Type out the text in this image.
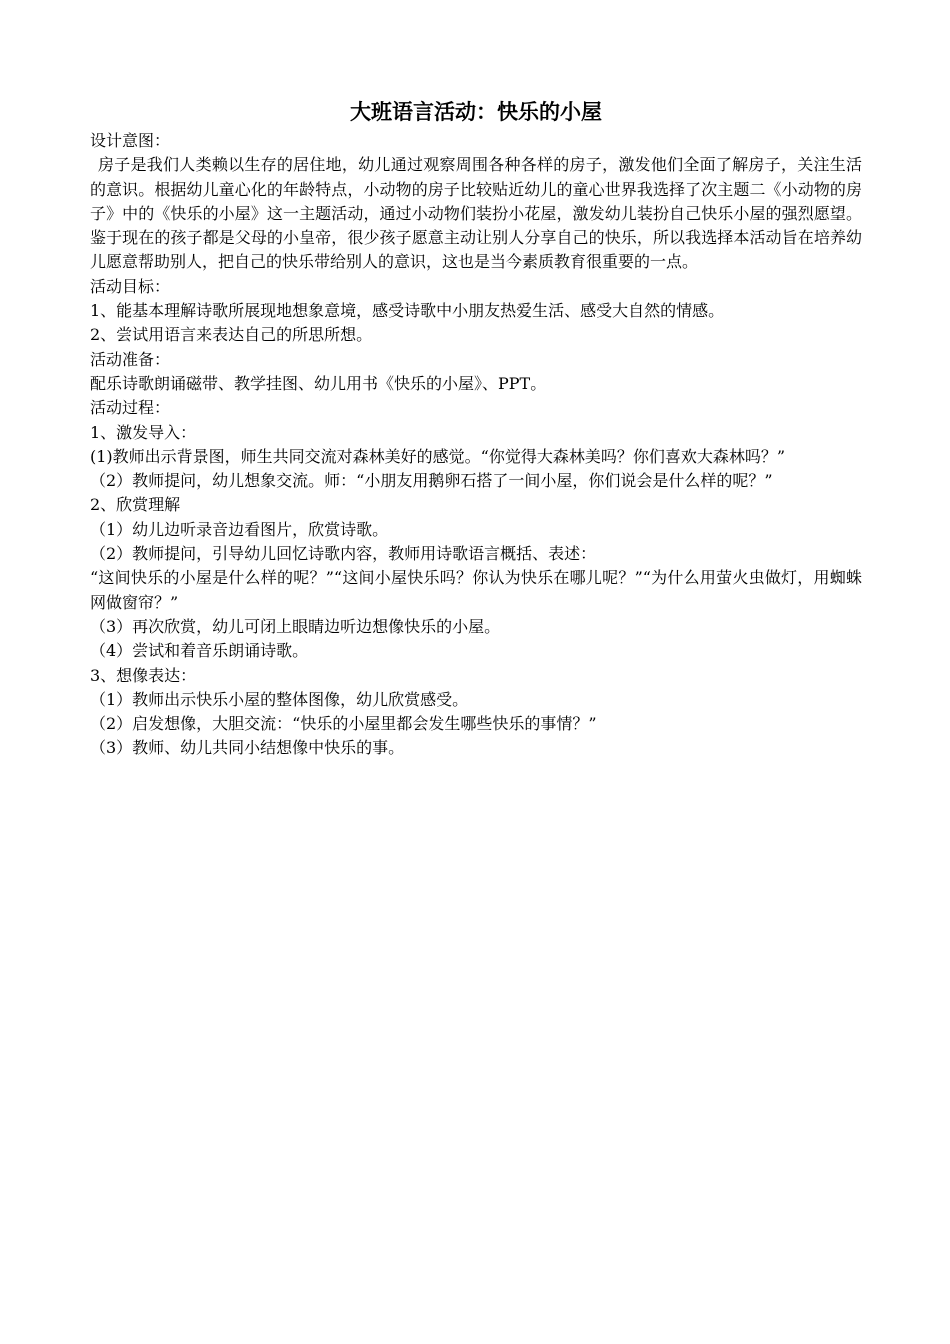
大班语言活动：快乐的小屋

设计意图：

房子是我们人类赖以生存的居住地，幼儿通过观察周围各种各样的房子，激发他们全面了解房子，关注生活的意识。根据幼儿童心化的年龄特点，小动物的房子比较贴近幼儿的童心世界我选择了次主题二《小动物的房子》中的《快乐的小屋》这一主题活动，通过小动物们装扮小花屋，激发幼儿装扮自己快乐小屋的强烈愿望。鉴于现在的孩子都是父母的小皇帝，很少孩子愿意主动让别人分享自己的快乐，所以我选择本活动旨在培养幼儿愿意帮助别人，把自己的快乐带给别人的意识，这也是当今素质教育很重要的一点。

活动目标：

1、能基本理解诗歌所展现地想象意境，感受诗歌中小朋友热爱生活、感受大自然的情感。

2、尝试用语言来表达自己的所思所想。

活动准备：

配乐诗歌朗诵磁带、教学挂图、幼儿用书《快乐的小屋》、PPT。

活动过程：

1、激发导入：

(1)教师出示背景图，师生共同交流对森林美好的感觉。“你觉得大森林美吗？你们喜欢大森林吗？”

（2）教师提问，幼儿想象交流。师：“小朋友用鹅卵石搭了一间小屋，你们说会是什么样的呢？”

2、欣赏理解

（1）幼儿边听录音边看图片，欣赏诗歌。

（2）教师提问，引导幼儿回忆诗歌内容，教师用诗歌语言概括、表述：

“这间快乐的小屋是什么样的呢？”“这间小屋快乐吗？你认为快乐在哪儿呢？”“为什么用萤火虫做灯，用蜘蛛网做窗帘？”

（3）再次欣赏，幼儿可闭上眼睛边听边想像快乐的小屋。

（4）尝试和着音乐朗诵诗歌。

3、想像表达：

（1）教师出示快乐小屋的整体图像，幼儿欣赏感受。

（2）启发想像，大胆交流：“快乐的小屋里都会发生哪些快乐的事情？”

（3）教师、幼儿共同小结想像中快乐的事。
